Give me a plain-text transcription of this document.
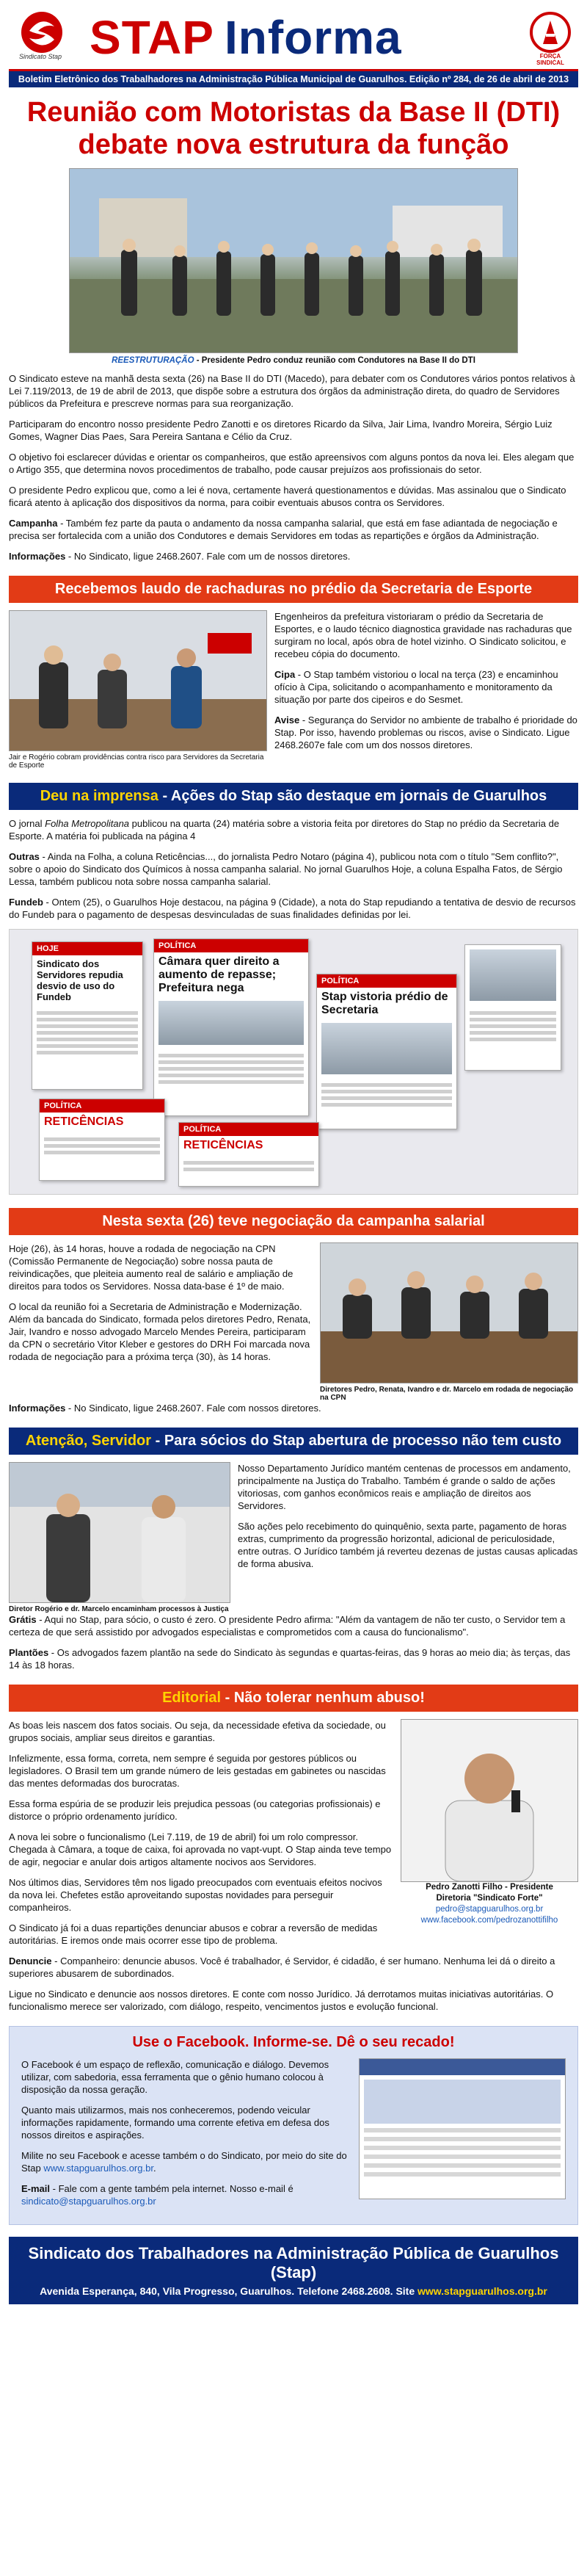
Sindicato Stap STAP Informa	FORÇA SINDICAL
Boletim Eletrônico dos Trabalhadores na Administração Pública Municipal de Guarulhos. Edição nº 284, de 26 de abril de 2013
Reunião com Motoristas da Base II (DTI)
debate nova estrutura da função
REESTRUTURAÇÃO - Presidente Pedro conduz reunião com Condutores na Base II do DTI

O Sindicato esteve na manhã desta sexta (26) na Base II do DTI (Macedo), para debater com os Condutores vários pontos relativos à Lei 7.119/2013, de 19 de abril de 2013, que dispõe sobre a estrutura dos órgãos da administração direta, do quadro de Servidores públicos da Prefeitura e prescreve normas para sua reorganização.

Participaram do encontro nosso presidente Pedro Zanotti e os diretores Ricardo da Silva, Jair Lima, Ivandro Moreira, Sérgio Luiz Gomes, Wagner Dias Paes, Sara Pereira Santana e Célio da Cruz.

O objetivo foi esclarecer dúvidas e orientar os companheiros, que estão apreensivos com alguns pontos da nova lei. Eles alegam que o Artigo 355, que determina novos procedimentos de trabalho, pode causar prejuízos aos profissionais do setor.

O presidente Pedro explicou que, como a lei é nova, certamente haverá questionamentos e dúvidas. Mas assinalou que o Sindicato ficará atento à aplicação dos dispositivos da norma, para coibir eventuais abusos contra os Servidores.

Campanha - Também fez parte da pauta o andamento da nossa campanha salarial, que está em fase adiantada de negociação e precisa ser fortalecida com a união dos Condutores e demais Servidores em todas as repartições e órgãos da Administração.

Informações - No Sindicato, ligue 2468.2607. Fale com um de nossos diretores.

Recebemos laudo de rachaduras no prédio da Secretaria de Esporte
Jair e Rogério cobram providências contra risco para Servidores da Secretaria de Esporte

Engenheiros da prefeitura vistoriaram o prédio da Secretaria de Esportes, e o laudo técnico diagnostica gravidade nas rachaduras que surgiram no local, após obra de hotel vizinho. O Sindicato solicitou, e recebeu cópia do documento.

Cipa - O Stap também vistoriou o local na terça (23) e encaminhou ofício à Cipa, solicitando o acompanhamento e monitoramento da situação por parte dos cipeiros e do Sesmet.

Avise - Segurança do Servidor no ambiente de trabalho é prioridade do Stap. Por isso, havendo problemas ou riscos, avise o Sindicato. Ligue 2468.2607e fale com um dos nossos diretores.

Deu na imprensa - Ações do Stap são destaque em jornais de Guarulhos

O jornal Folha Metropolitana publicou na quarta (24) matéria sobre a vistoria feita por diretores do Stap no prédio da Secretaria de Esporte. A matéria foi publicada na página 4

Outras - Ainda na Folha, a coluna Reticências..., do jornalista Pedro Notaro (página 4), publicou nota com o título "Sem conflito?", sobre o apoio do Sindicato dos Químicos à nossa campanha salarial. No jornal Guarulhos Hoje, a coluna Espalha Fatos, de Sérgio Lessa, também publicou nota sobre nossa campanha salarial.

Fundeb - Ontem (25), o Guarulhos Hoje destacou, na página 9 (Cidade), a nota do Stap repudiando a tentativa de desvio de recursos do Fundeb para o pagamento de despesas desvinculadas de suas finalidades definidas por lei.

HOJE
Sindicato dos Servidores repudia desvio de uso do Fundeb
POLÍTICA
Câmara quer direito a aumento de repasse; Prefeitura nega
POLÍTICA
Stap vistoria prédio de Secretaria
POLÍTICA
RETICÊNCIAS
POLÍTICA
RETICÊNCIAS
Nesta sexta (26) teve negociação da campanha salarial

Hoje (26), às 14 horas, houve a rodada de negociação na CPN (Comissão Permanente de Negociação) sobre nossa pauta de reivindicações, que pleiteia aumento real de salário e ampliação de direitos para todos os Servidores. Nossa data-base é 1º de maio.

O local da reunião foi a Secretaria de Administração e Modernização. Além da bancada do Sindicato, formada pelos diretores Pedro, Renata, Jair, Ivandro e nosso advogado Marcelo Mendes Pereira, participaram da CPN o secretário Vitor Kleber e gestores do DRH Foi marcada nova rodada de negociação para a próxima terça (30), às 14 horas.

Diretores Pedro, Renata, Ivandro e dr. Marcelo em rodada de negociação na CPN

Informações - No Sindicato, ligue 2468.2607. Fale com nossos diretores.

Atenção, Servidor - Para sócios do Stap abertura de processo não tem custo
Diretor Rogério e dr. Marcelo encaminham processos à Justiça

Nosso Departamento Jurídico mantém centenas de processos em andamento, principalmente na Justiça do Trabalho. Também é grande o saldo de ações vitoriosas, com ganhos econômicos reais e ampliação de direitos aos Servidores.

São ações pelo recebimento do quinquênio, sexta parte, pagamento de horas extras, cumprimento da progressão horizontal, adicional de periculosidade, entre outras. O Jurídico também já reverteu dezenas de justas causas aplicadas de forma abusiva.

Grátis - Aqui no Stap, para sócio, o custo é zero. O presidente Pedro afirma: "Além da vantagem de não ter custo, o Servidor tem a certeza de que será assistido por advogados especialistas e comprometidos com a causa do funcionalismo".

Plantões - Os advogados fazem plantão na sede do Sindicato às segundas e quartas-feiras, das 9 horas ao meio dia; às terças, das 14 às 18 horas.

Editorial - Não tolerar nenhum abuso!

As boas leis nascem dos fatos sociais. Ou seja, da necessidade efetiva da sociedade, ou grupos sociais, ampliar seus direitos e garantias.

Infelizmente, essa forma, correta, nem sempre é seguida por gestores públicos ou legisladores. O Brasil tem um grande número de leis gestadas em gabinetes ou nascidas das mentes deformadas dos burocratas.

Essa forma espúria de se produzir leis prejudica pessoas (ou categorias profissionais) e distorce o próprio ordenamento jurídico.

A nova lei sobre o funcionalismo (Lei 7.119, de 19 de abril) foi um rolo compressor. Chegada à Câmara, a toque de caixa, foi aprovada no vapt-vupt. O Stap ainda teve tempo de agir, negociar e anular dois artigos altamente nocivos aos Servidores.

Nos últimos dias, Servidores têm nos ligado preocupados com eventuais efeitos nocivos da nova lei. Chefetes estão aproveitando supostas novidades para perseguir companheiros.

O Sindicato já foi a duas repartições denunciar abusos e cobrar a reversão de medidas autoritárias. E iremos onde mais ocorrer esse tipo de problema.

Pedro Zanotti Filho - Presidente
Diretoria "Sindicato Forte"
pedro@stapguarulhos.org.br
www.facebook.com/pedrozanottifilho

Denuncie - Companheiro: denuncie abusos. Você é trabalhador, é Servidor, é cidadão, é ser humano. Nenhuma lei dá o direito a superiores abusarem de subordinados.

Ligue no Sindicato e denuncie aos nossos diretores. E conte com nosso Jurídico. Já derrotamos muitas iniciativas autoritárias. O funcionalismo merece ser valorizado, com diálogo, respeito, vencimentos justos e evolução funcional.

Use o Facebook. Informe-se. Dê o seu recado!

O Facebook é um espaço de reflexão, comunicação e diálogo. Devemos utilizar, com sabedoria, essa ferramenta que o gênio humano colocou à disposição da nossa geração.

Quanto mais utilizarmos, mais nos conheceremos, podendo veicular informações rapidamente, formando uma corrente efetiva em defesa dos nossos direitos e aspirações.

Milite no seu Facebook e acesse também o do Sindicato, por meio do site do Stap www.stapguarulhos.org.br.

E-mail - Fale com a gente também pela internet. Nosso e-mail é sindicato@stapguarulhos.org.br

Sindicato dos Trabalhadores na Administração Pública de Guarulhos (Stap)
Avenida Esperança, 840, Vila Progresso, Guarulhos. Telefone 2468.2608. Site www.stapguarulhos.org.br
